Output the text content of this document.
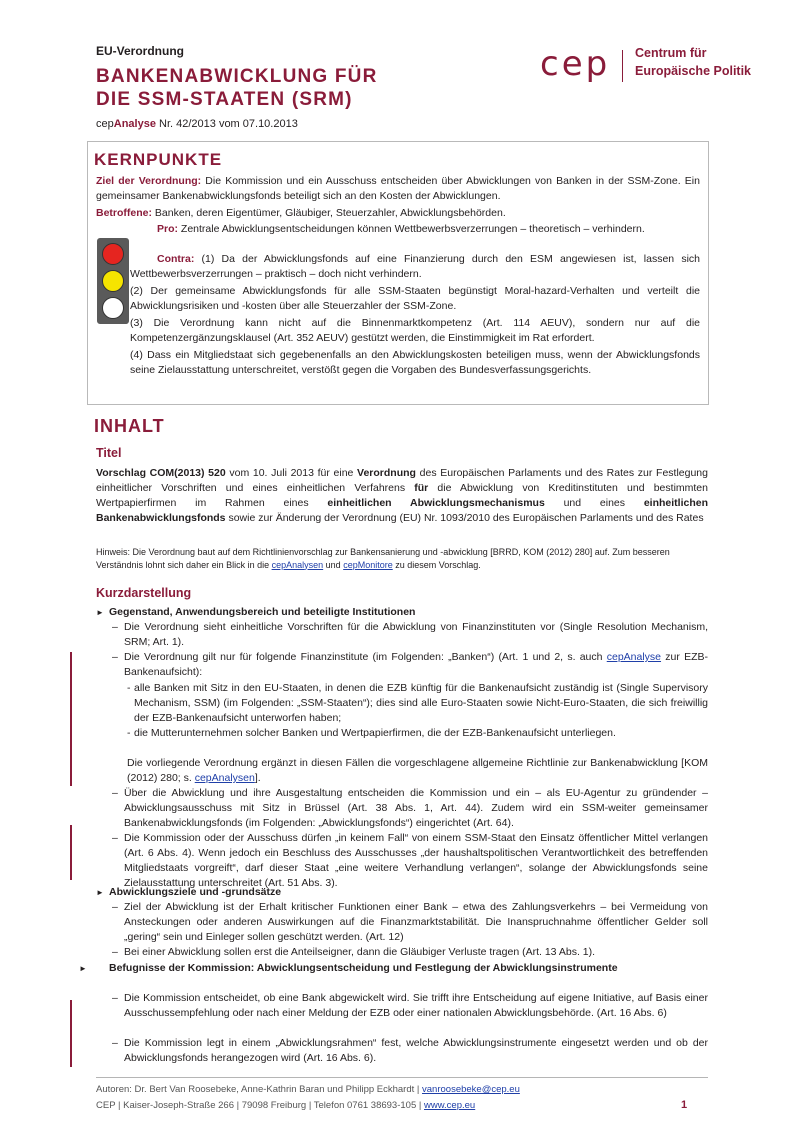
EU-Verordnung
BANKENABWICKLUNG FÜR
DIE SSM-STAATEN (SRM)
cepAnalyse Nr. 42/2013 vom 07.10.2013
cep Centrum für
Europäische Politik
KERNPUNKTE
Ziel der Verordnung: Die Kommission und ein Ausschuss entscheiden über Abwicklungen von Banken in der SSM-Zone. Ein gemeinsamer Bankenabwicklungsfonds beteiligt sich an den Kosten der Abwicklungen.
Betroffene: Banken, deren Eigentümer, Gläubiger, Steuerzahler, Abwicklungsbehörden.
Pro: Zentrale Abwicklungsentscheidungen können Wettbewerbsverzerrungen – theoretisch – verhindern.
Contra: (1) Da der Abwicklungsfonds auf eine Finanzierung durch den ESM angewiesen ist, lassen sich Wettbewerbsverzerrungen – praktisch – doch nicht verhindern.
(2) Der gemeinsame Abwicklungsfonds für alle SSM-Staaten begünstigt Moral-hazard-Verhalten und verteilt die Abwicklungsrisiken und -kosten über alle Steuerzahler der SSM-Zone.
(3) Die Verordnung kann nicht auf die Binnenmarktkompetenz (Art. 114 AEUV), sondern nur auf die Kompetenzergänzungsklausel (Art. 352 AEUV) gestützt werden, die Einstimmigkeit im Rat erfordert.
(4) Dass ein Mitgliedstaat sich gegebenenfalls an den Abwicklungskosten beteiligen muss, wenn der Abwicklungsfonds seine Zielausstattung unterschreitet, verstößt gegen die Vorgaben des Bundesverfassungsgerichts.
INHALT
Titel
Vorschlag COM(2013) 520 vom 10. Juli 2013 für eine Verordnung des Europäischen Parlaments und des Rates zur Festlegung einheitlicher Vorschriften und eines einheitlichen Verfahrens für die Abwicklung von Kreditinstituten und bestimmten Wertpapierfirmen im Rahmen eines einheitlichen Abwicklungsmechanismus und eines einheitlichen Bankenabwicklungsfonds sowie zur Änderung der Verordnung (EU) Nr. 1093/2010 des Europäischen Parlaments und des Rates
Hinweis: Die Verordnung baut auf dem Richtlinienvorschlag zur Bankensanierung und -abwicklung [BRRD, KOM (2012) 280] auf. Zum besseren Verständnis lohnt sich daher ein Blick in die cepAnalysen und cepMonitore zu diesem Vorschlag.
Kurzdarstellung
► Gegenstand, Anwendungsbereich und beteiligte Institutionen
– Die Verordnung sieht einheitliche Vorschriften für die Abwicklung von Finanzinstituten vor (Single Resolution Mechanism, SRM; Art. 1).
– Die Verordnung gilt nur für folgende Finanzinstitute (im Folgenden: „Banken“) (Art. 1 und 2, s. auch cepAnalyse zur EZB-Bankenaufsicht):
- alle Banken mit Sitz in den EU-Staaten, in denen die EZB künftig für die Bankenaufsicht zuständig ist (Single Supervisory Mechanism, SSM) (im Folgenden: „SSM-Staaten“); dies sind alle Euro-Staaten sowie Nicht-Euro-Staaten, die sich freiwillig der EZB-Bankenaufsicht unterworfen haben;
- die Mutterunternehmen solcher Banken und Wertpapierfirmen, die der EZB-Bankenaufsicht unterliegen.
Die vorliegende Verordnung ergänzt in diesen Fällen die vorgeschlagene allgemeine Richtlinie zur Bankenabwicklung [KOM (2012) 280; s. cepAnalysen].
– Über die Abwicklung und ihre Ausgestaltung entscheiden die Kommission und ein – als EU-Agentur zu gründender – Abwicklungsausschuss mit Sitz in Brüssel (Art. 38 Abs. 1, Art. 44). Zudem wird ein SSM-weiter gemeinsamer Bankenabwicklungsfonds (im Folgenden: „Abwicklungsfonds“) eingerichtet (Art. 64).
– Die Kommission oder der Ausschuss dürfen „in keinem Fall“ von einem SSM-Staat den Einsatz öffentlicher Mittel verlangen (Art. 6 Abs. 4). Wenn jedoch ein Beschluss des Ausschusses „der haushaltspolitischen Verantwortlichkeit des betreffenden Mitgliedstaats vorgreift“, darf dieser Staat „eine weitere Verhandlung verlangen“, solange der Abwicklungsfonds seine Zielausstattung unterschreitet (Art. 51 Abs. 3).
► Abwicklungsziele und -grundsätze
– Ziel der Abwicklung ist der Erhalt kritischer Funktionen einer Bank – etwa des Zahlungsverkehrs – bei Vermeidung von Ansteckungen oder anderen Auswirkungen auf die Finanzmarktstabilität. Die Inanspruchnahme öffentlicher Gelder soll „gering“ sein und Einleger sollen geschützt werden. (Art. 12)
– Bei einer Abwicklung sollen erst die Anteilseigner, dann die Gläubiger Verluste tragen (Art. 13 Abs. 1).
► Befugnisse der Kommission: Abwicklungsentscheidung und Festlegung der Abwicklungsinstrumente
– Die Kommission entscheidet, ob eine Bank abgewickelt wird. Sie trifft ihre Entscheidung auf eigene Initiative, auf Basis einer Ausschussempfehlung oder nach einer Meldung der EZB oder einer nationalen Abwicklungsbehörde. (Art. 16 Abs. 6)
– Die Kommission legt in einem „Abwicklungsrahmen“ fest, welche Abwicklungsinstrumente eingesetzt werden und ob der Abwicklungsfonds herangezogen wird (Art. 16 Abs. 6).
Autoren: Dr. Bert Van Roosebeke, Anne-Kathrin Baran und Philipp Eckhardt | vanroosebeke@cep.eu
CEP | Kaiser-Joseph-Straße 266 | 79098 Freiburg | Telefon 0761 38693-105 | www.cep.eu	1
